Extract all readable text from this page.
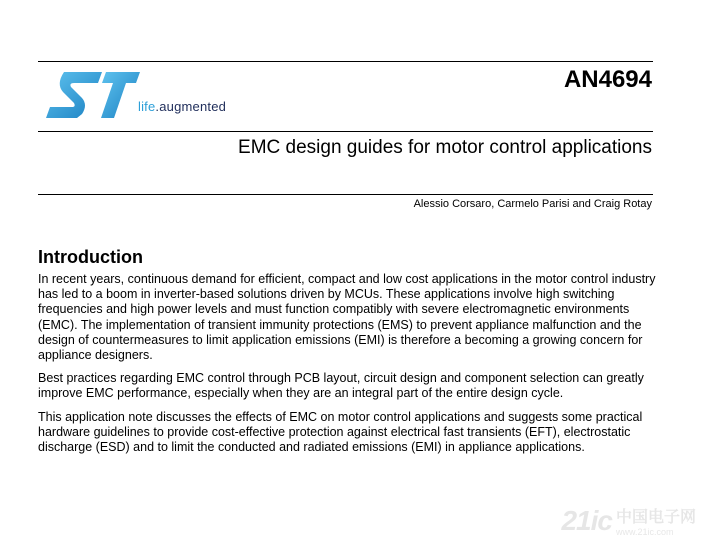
life.augmented
AN4694
EMC design guides for motor control applications
Alessio Corsaro, Carmelo Parisi and Craig Rotay
Introduction

In recent years, continuous demand for efficient, compact and low cost applications in the motor control industry has led to a boom in inverter-based solutions driven by MCUs. These applications involve high switching frequencies and high power levels and must function compatibly with severe electromagnetic environments (EMC). The implementation of transient immunity protections (EMS) to prevent appliance malfunction and the design of countermeasures to limit application emissions (EMI) is therefore a becoming a growing concern for appliance designers.

Best practices regarding EMC control through PCB layout, circuit design and component selection can greatly improve EMC performance, especially when they are an integral part of the entire design cycle.

This application note discusses the effects of EMC on motor control applications and suggests some practical hardware guidelines to provide cost-effective protection against electrical fast transients (EFT), electrostatic discharge (ESD) and to limit the conducted and radiated emissions (EMI) in appliance applications.

21ic 中国电子网
www.21ic.com
